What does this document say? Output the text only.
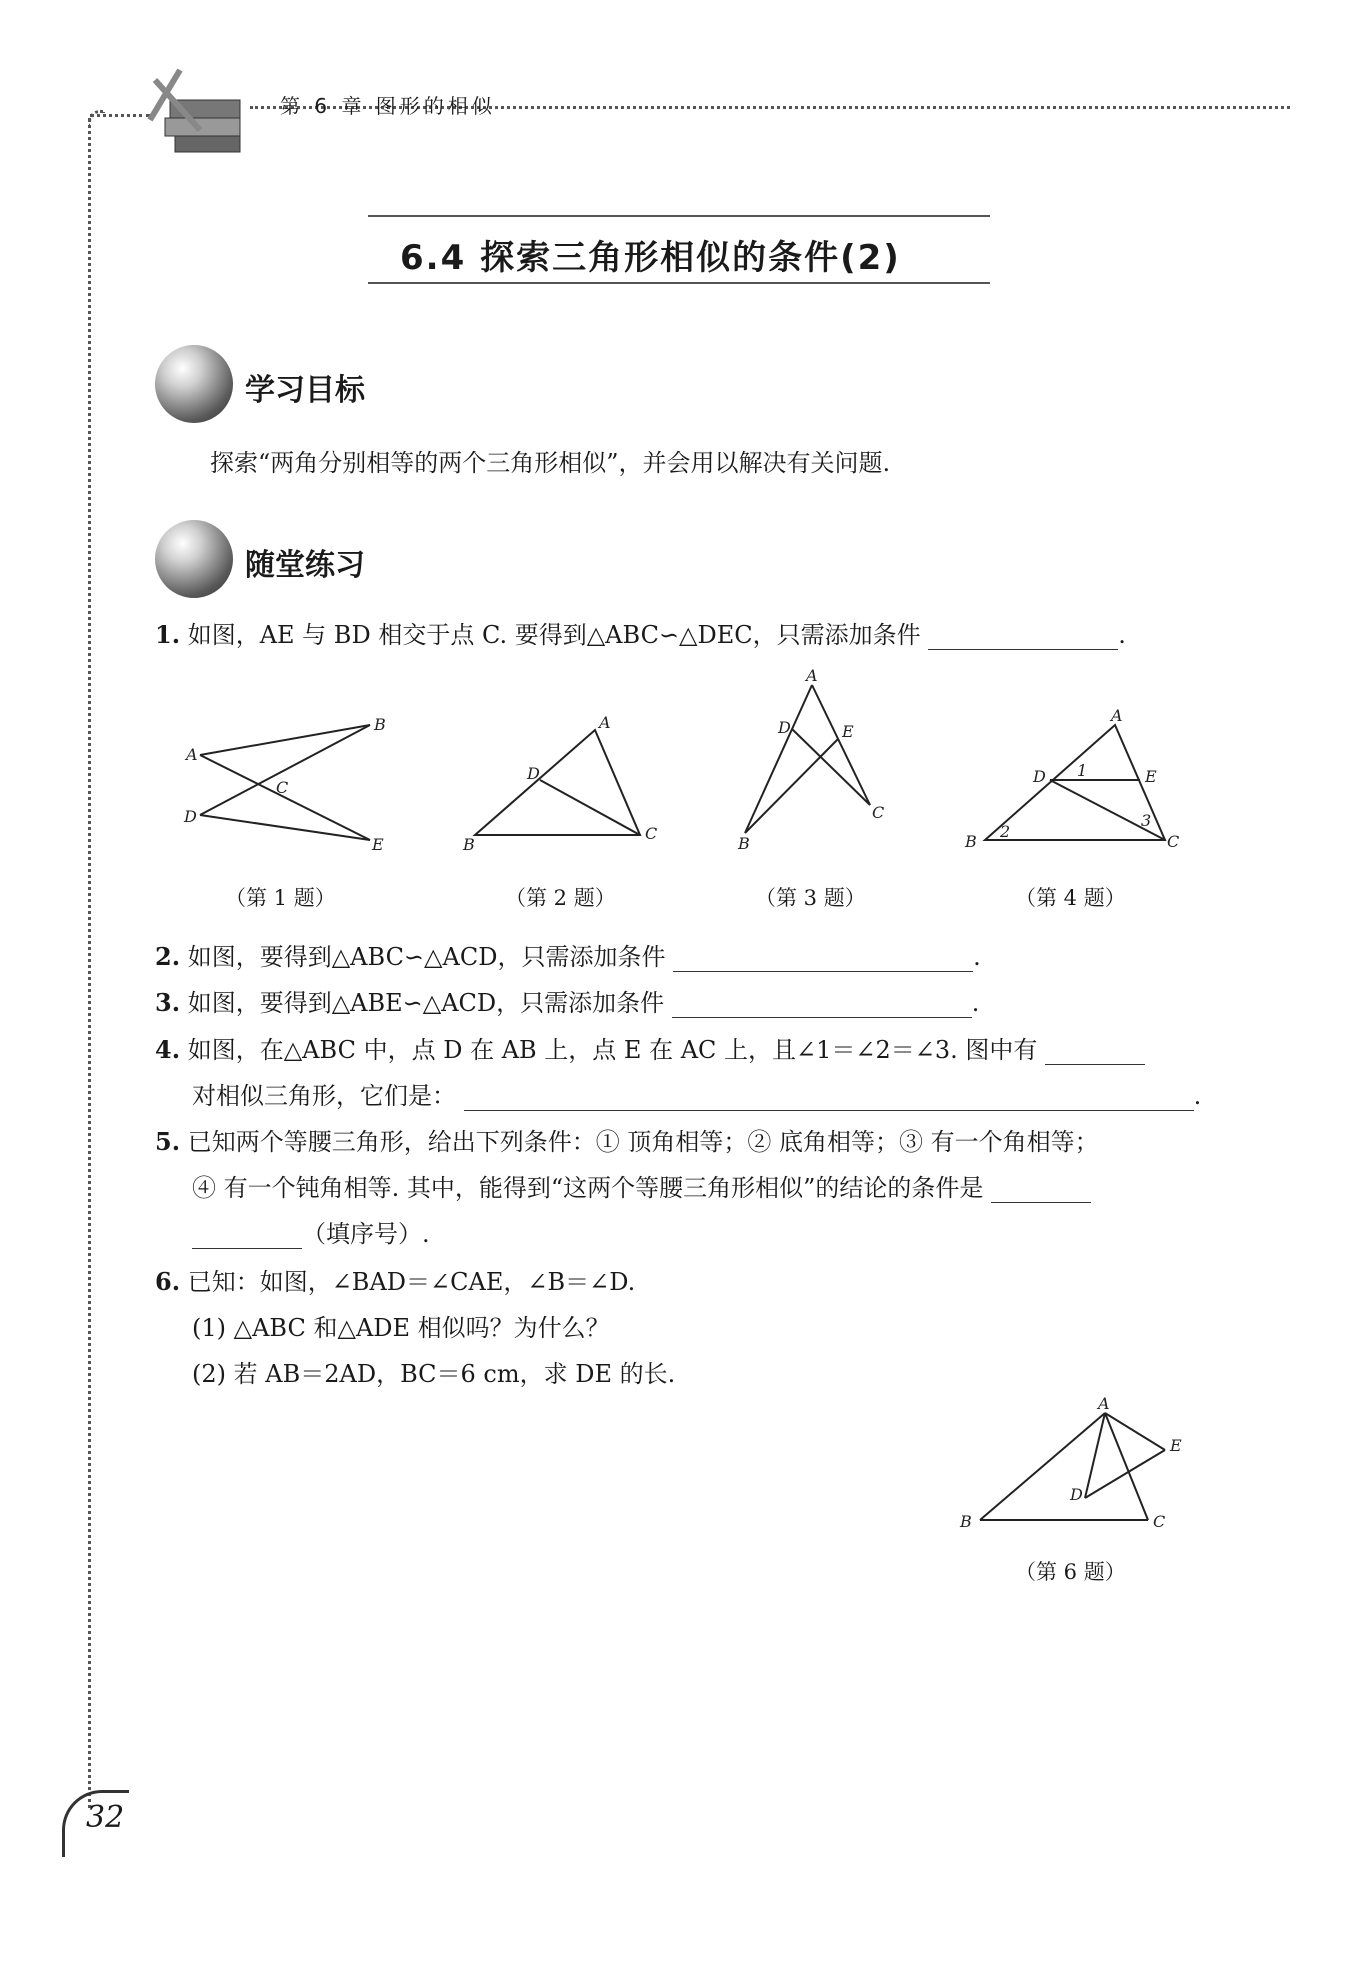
第 6 章 图形的相似
6.4 探索三角形相似的条件(2)
学习目标
探索“两角分别相等的两个三角形相似”，并会用以解决有关问题.
随堂练习
1. 如图，AE 与 BD 相交于点 C. 要得到△ABC∽△DEC，只需添加条件	.
A
B
C
D
E
A
B
C
D
A
B
C
D	E
A
B	C
D	E
1
2
3
（第 1 题）	（第 2 题）	（第 3 题）	（第 4 题）
2. 如图，要得到△ABC∽△ACD，只需添加条件	.
3. 如图，要得到△ABE∽△ACD，只需添加条件	.
4. 如图，在△ABC 中，点 D 在 AB 上，点 E 在 AC 上，且∠1＝∠2＝∠3. 图中有
对相似三角形，它们是：	.
5. 已知两个等腰三角形，给出下列条件：① 顶角相等；② 底角相等；③ 有一个角相等；
④ 有一个钝角相等. 其中，能得到“这两个等腰三角形相似”的结论的条件是
（填序号）.
6. 已知：如图，∠BAD＝∠CAE，∠B＝∠D.
(1) △ABC 和△ADE 相似吗？为什么？
(2) 若 AB＝2AD，BC＝6 cm，求 DE 的长.
A
B	C
D
E
（第 6 题）
32
